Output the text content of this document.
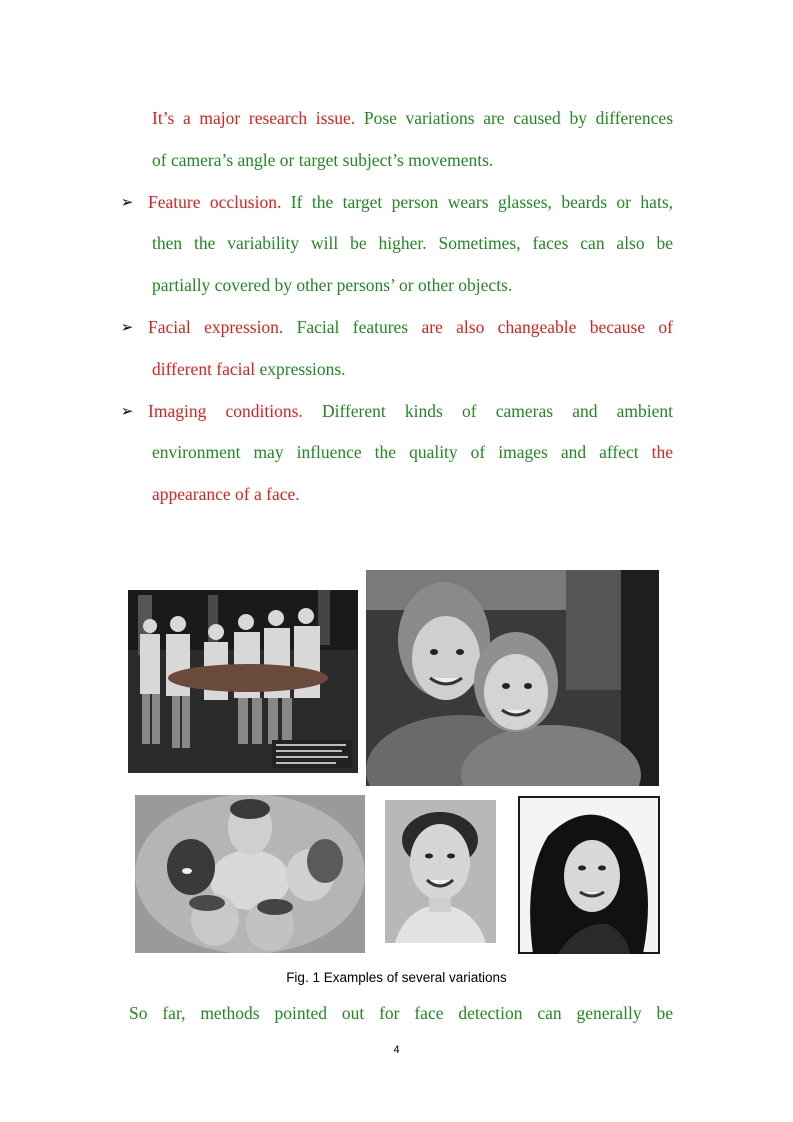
It’s a major research issue. Pose variations are caused by differences
of camera’s angle or target subject’s movements.
➢ Feature occlusion. If the target person wears glasses, beards or hats,
then the variability will be higher. Sometimes, faces can also be
partially covered by other persons’ or other objects.
➢ Facial expression. Facial features are also changeable because of
different facial expressions.
➢ Imaging conditions. Different kinds of cameras and ambient
environment may influence the quality of images and affect the
appearance of a face.
Fig. 1 Examples of several variations
So far, methods pointed out for face detection can generally be
4
